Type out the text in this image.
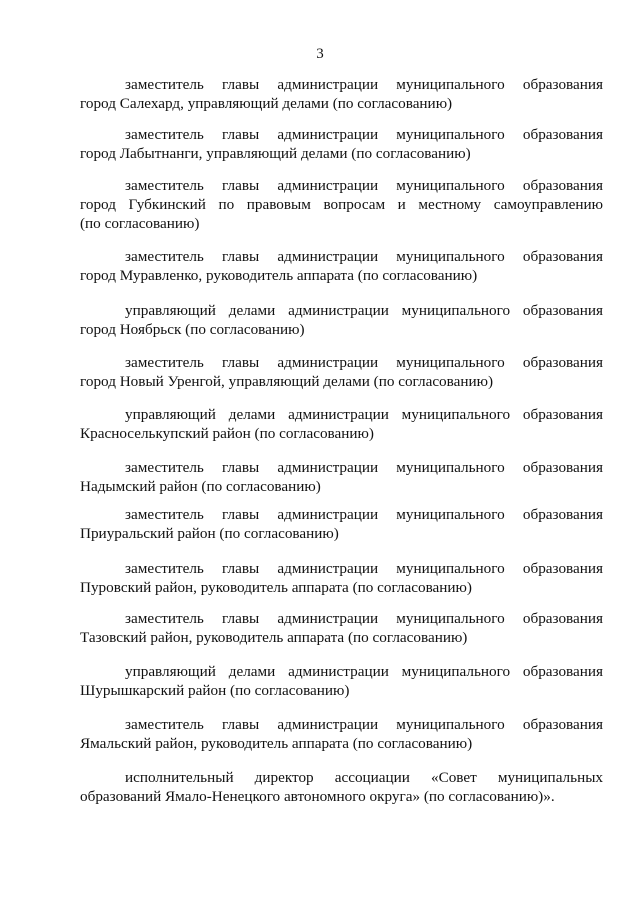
3
заместитель главы администрации муниципального образования
город Салехард, управляющий делами (по согласованию)
заместитель главы администрации муниципального образования
город Лабытнанги, управляющий делами (по согласованию)
заместитель главы администрации муниципального образования
город Губкинский по правовым вопросам и местному самоуправлению
(по согласованию)
заместитель главы администрации муниципального образования
город Муравленко, руководитель аппарата (по согласованию)
управляющий делами администрации муниципального образования
город Ноябрьск (по согласованию)
заместитель главы администрации муниципального образования
город Новый Уренгой, управляющий делами (по согласованию)
управляющий делами администрации муниципального образования
Красноселькупский район (по согласованию)
заместитель главы администрации муниципального образования
Надымский район (по согласованию)
заместитель главы администрации муниципального образования
Приуральский район (по согласованию)
заместитель главы администрации муниципального образования
Пуровский район, руководитель аппарата (по согласованию)
заместитель главы администрации муниципального образования
Тазовский район, руководитель аппарата (по согласованию)
управляющий делами администрации муниципального образования
Шурышкарский район (по согласованию)
заместитель главы администрации муниципального образования
Ямальский район, руководитель аппарата (по согласованию)
исполнительный директор ассоциации «Совет муниципальных
образований Ямало-Ненецкого автономного округа» (по согласованию)».
